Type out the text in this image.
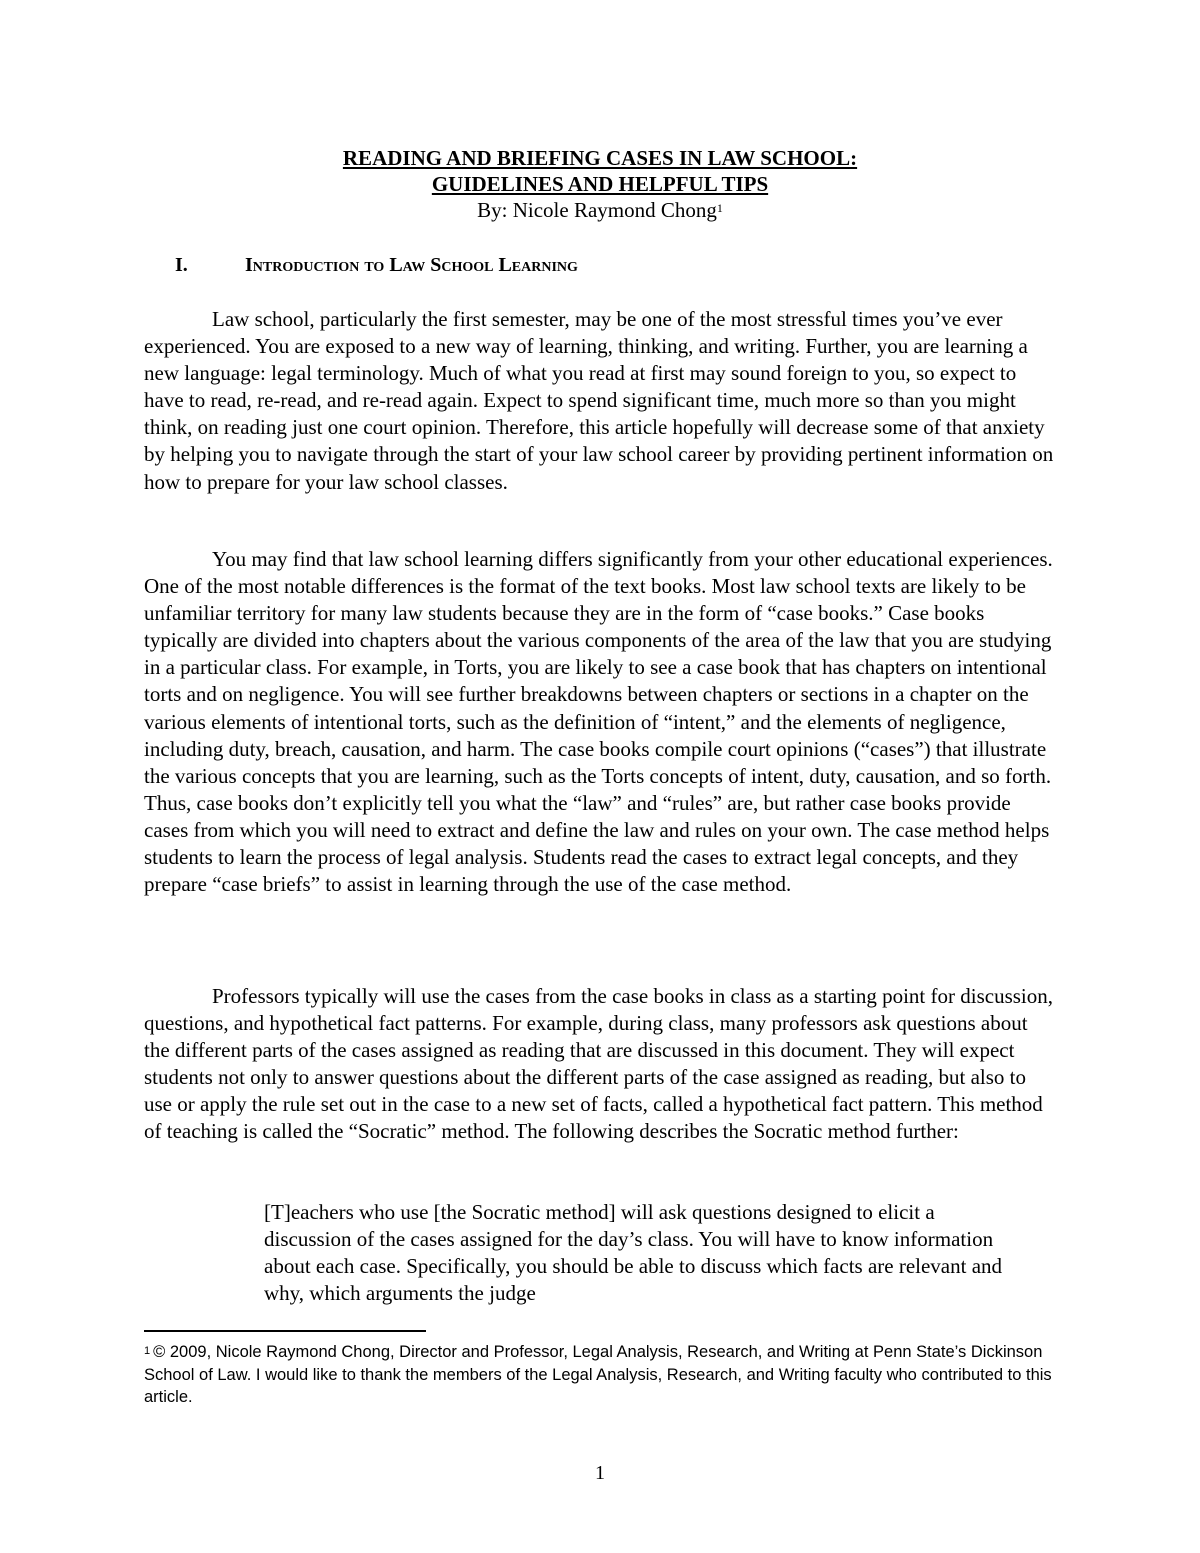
READING AND BRIEFING CASES IN LAW SCHOOL:
GUIDELINES AND HELPFUL TIPS
By: Nicole Raymond Chong$^1$
I.	Introduction to Law School Learning

Law school, particularly the first semester, may be one of the most stressful times you’ve ever experienced. You are exposed to a new way of learning, thinking, and writing. Further, you are learning a new language: legal terminology. Much of what you read at first may sound foreign to you, so expect to have to read, re-read, and re-read again. Expect to spend significant time, much more so than you might think, on reading just one court opinion. Therefore, this article hopefully will decrease some of that anxiety by helping you to navigate through the start of your law school career by providing pertinent information on how to prepare for your law school classes.

You may find that law school learning differs significantly from your other educational experiences. One of the most notable differences is the format of the text books. Most law school texts are likely to be unfamiliar territory for many law students because they are in the form of “case books.” Case books typically are divided into chapters about the various components of the area of the law that you are studying in a particular class. For example, in Torts, you are likely to see a case book that has chapters on intentional torts and on negligence. You will see further breakdowns between chapters or sections in a chapter on the various elements of intentional torts, such as the definition of “intent,” and the elements of negligence, including duty, breach, causation, and harm. The case books compile court opinions (“cases”) that illustrate the various concepts that you are learning, such as the Torts concepts of intent, duty, causation, and so forth. Thus, case books don’t explicitly tell you what the “law” and “rules” are, but rather case books provide cases from which you will need to extract and define the law and rules on your own. The case method helps students to learn the process of legal analysis. Students read the cases to extract legal concepts, and they prepare “case briefs” to assist in learning through the use of the case method.

Professors typically will use the cases from the case books in class as a starting point for discussion, questions, and hypothetical fact patterns. For example, during class, many professors ask questions about the different parts of the cases assigned as reading that are discussed in this document. They will expect students not only to answer questions about the different parts of the case assigned as reading, but also to use or apply the rule set out in the case to a new set of facts, called a hypothetical fact pattern. This method of teaching is called the “Socratic” method. The following describes the Socratic method further:

[T]eachers who use [the Socratic method] will ask questions designed to elicit a discussion of the cases assigned for the day’s class. You will have to know information about each case. Specifically, you should be able to discuss which facts are relevant and why, which arguments the judge

$^1$ © 2009, Nicole Raymond Chong, Director and Professor, Legal Analysis, Research, and Writing at Penn State’s Dickinson School of Law. I would like to thank the members of the Legal Analysis, Research, and Writing faculty who contributed to this article.

1
